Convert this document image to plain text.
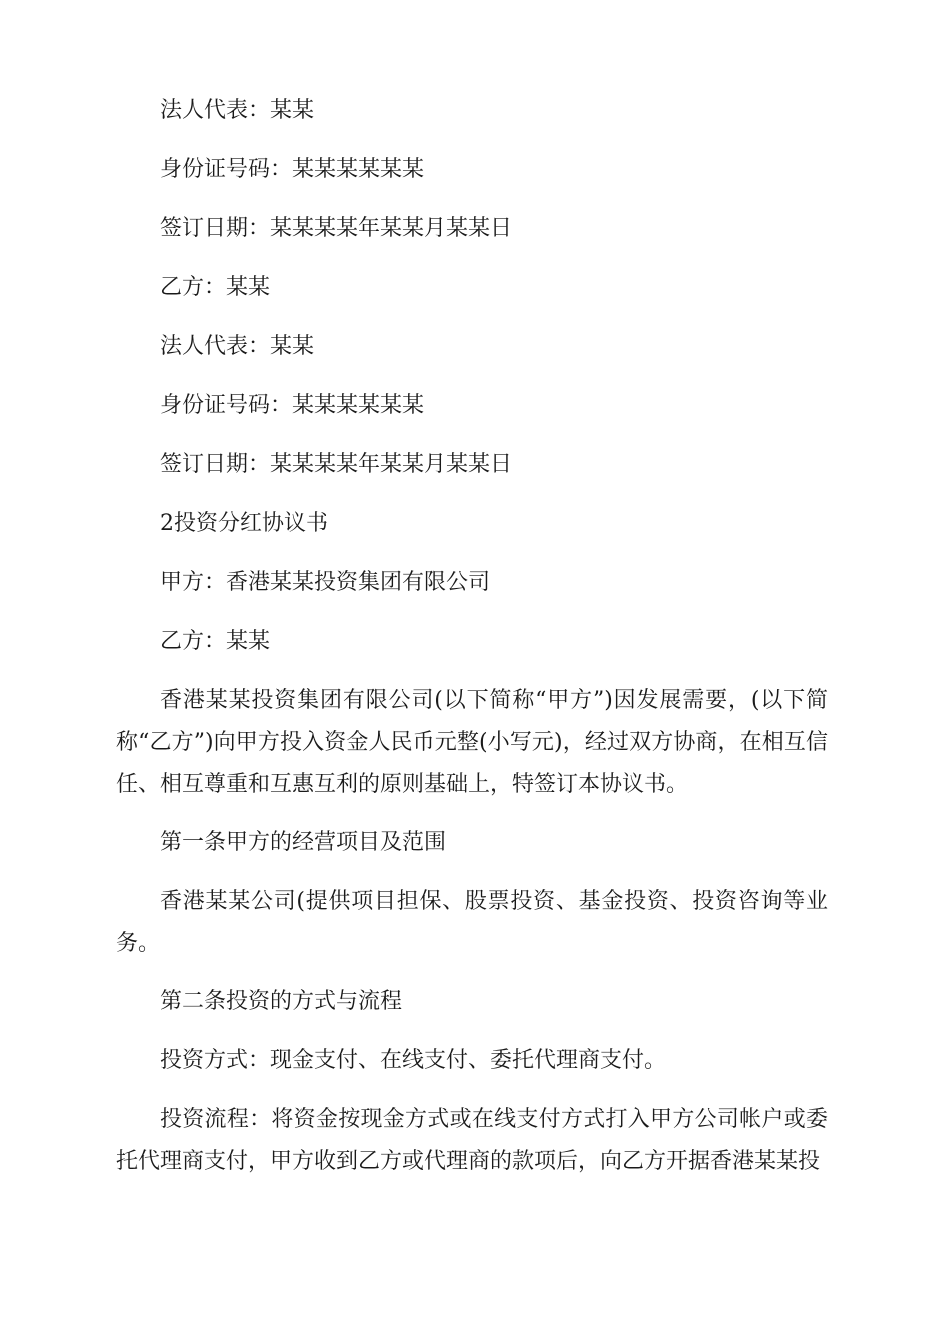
法人代表：某某

身份证号码：某某某某某某

签订日期：某某某某年某某月某某日

乙方：某某

法人代表：某某

身份证号码：某某某某某某

签订日期：某某某某年某某月某某日

2投资分红协议书

甲方：香港某某投资集团有限公司

乙方：某某

香港某某投资集团有限公司(以下简称“甲方”)因发展需要，(以下简称“乙方”)向甲方投入资金人民币元整(小写元)，经过双方协商，在相互信任、相互尊重和互惠互利的原则基础上，特签订本协议书。

第一条甲方的经营项目及范围

香港某某公司(提供项目担保、股票投资、基金投资、投资咨询等业务。

第二条投资的方式与流程

投资方式：现金支付、在线支付、委托代理商支付。

投资流程：将资金按现金方式或在线支付方式打入甲方公司帐户或委托代理商支付，甲方收到乙方或代理商的款项后，向乙方开据香港某某投
